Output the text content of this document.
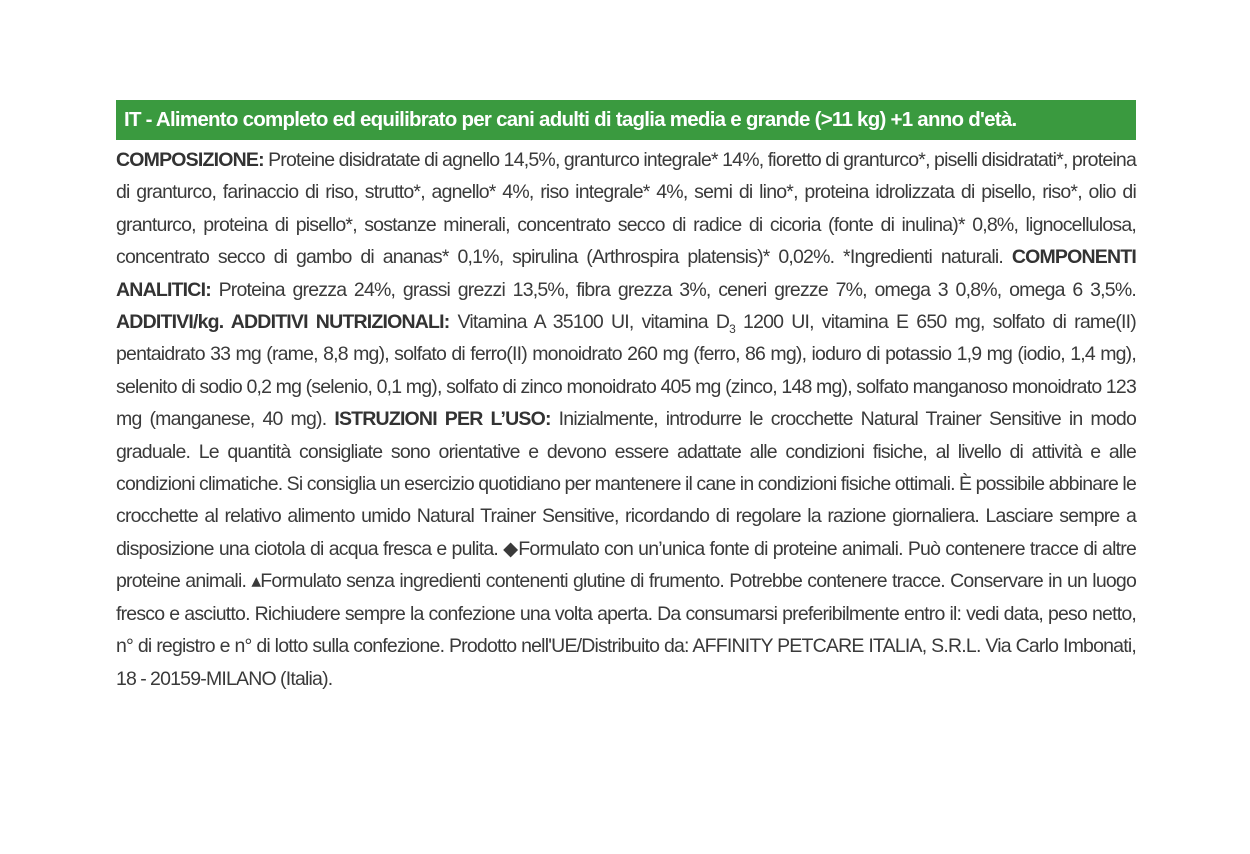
IT - Alimento completo ed equilibrato per cani adulti di taglia media e grande (>11 kg) +1 anno d'età.
COMPOSIZIONE: Proteine disidratate di agnello 14,5%, granturco integrale* 14%, fioretto di granturco*, piselli disidratati*, proteina di granturco, farinaccio di riso, strutto*, agnello* 4%, riso integrale* 4%, semi di lino*, proteina idrolizzata di pisello, riso*, olio di granturco, proteina di pisello*, sostanze minerali, concentrato secco di radice di cicoria (fonte di inulina)* 0,8%, lignocellulosa, concentrato secco di gambo di ananas* 0,1%, spirulina (Arthrospira platensis)* 0,02%. *Ingredienti naturali. COMPONENTI ANALITICI: Proteina grezza 24%, grassi grezzi 13,5%, fibra grezza 3%, ceneri grezze 7%, omega 3 0,8%, omega 6 3,5%. ADDITIVI/kg. ADDITIVI NUTRIZIONALI: Vitamina A 35100 UI, vitamina $D_3$ 1200 UI, vitamina E 650 mg, solfato di rame(II) pentaidrato 33 mg (rame, 8,8 mg), solfato di ferro(II) monoidrato 260 mg (ferro, 86 mg), ioduro di potassio 1,9 mg (iodio, 1,4 mg), selenito di sodio 0,2 mg (selenio, 0,1 mg), solfato di zinco monoidrato 405 mg (zinco, 148 mg), solfato manganoso monoidrato 123 mg (manganese, 40 mg). ISTRUZIONI PER L’USO: Inizialmente, introdurre le crocchette Natural Trainer Sensitive in modo graduale. Le quantità consigliate sono orientative e devono essere adattate alle condizioni fisiche, al livello di attività e alle condizioni climatiche. Si consiglia un esercizio quotidiano per mantenere il cane in condizioni fisiche ottimali. È possibile abbinare le crocchette al relativo alimento umido Natural Trainer Sensitive, ricordando di regolare la razione giornaliera. Lasciare sempre a disposizione una ciotola di acqua fresca e pulita. ◆Formulato con un’unica fonte di proteine animali. Può contenere tracce di altre proteine animali. ▴Formulato senza ingredienti contenenti glutine di frumento. Potrebbe contenere tracce. Conservare in un luogo fresco e asciutto. Richiudere sempre la confezione una volta aperta. Da consumarsi preferibilmente entro il: vedi data, peso netto, n° di registro e n° di lotto sulla confezione. Prodotto nell'UE/Distribuito da: AFFINITY PETCARE ITALIA, S.R.L. Via Carlo Imbonati, 18 - 20159-MILANO (Italia).
